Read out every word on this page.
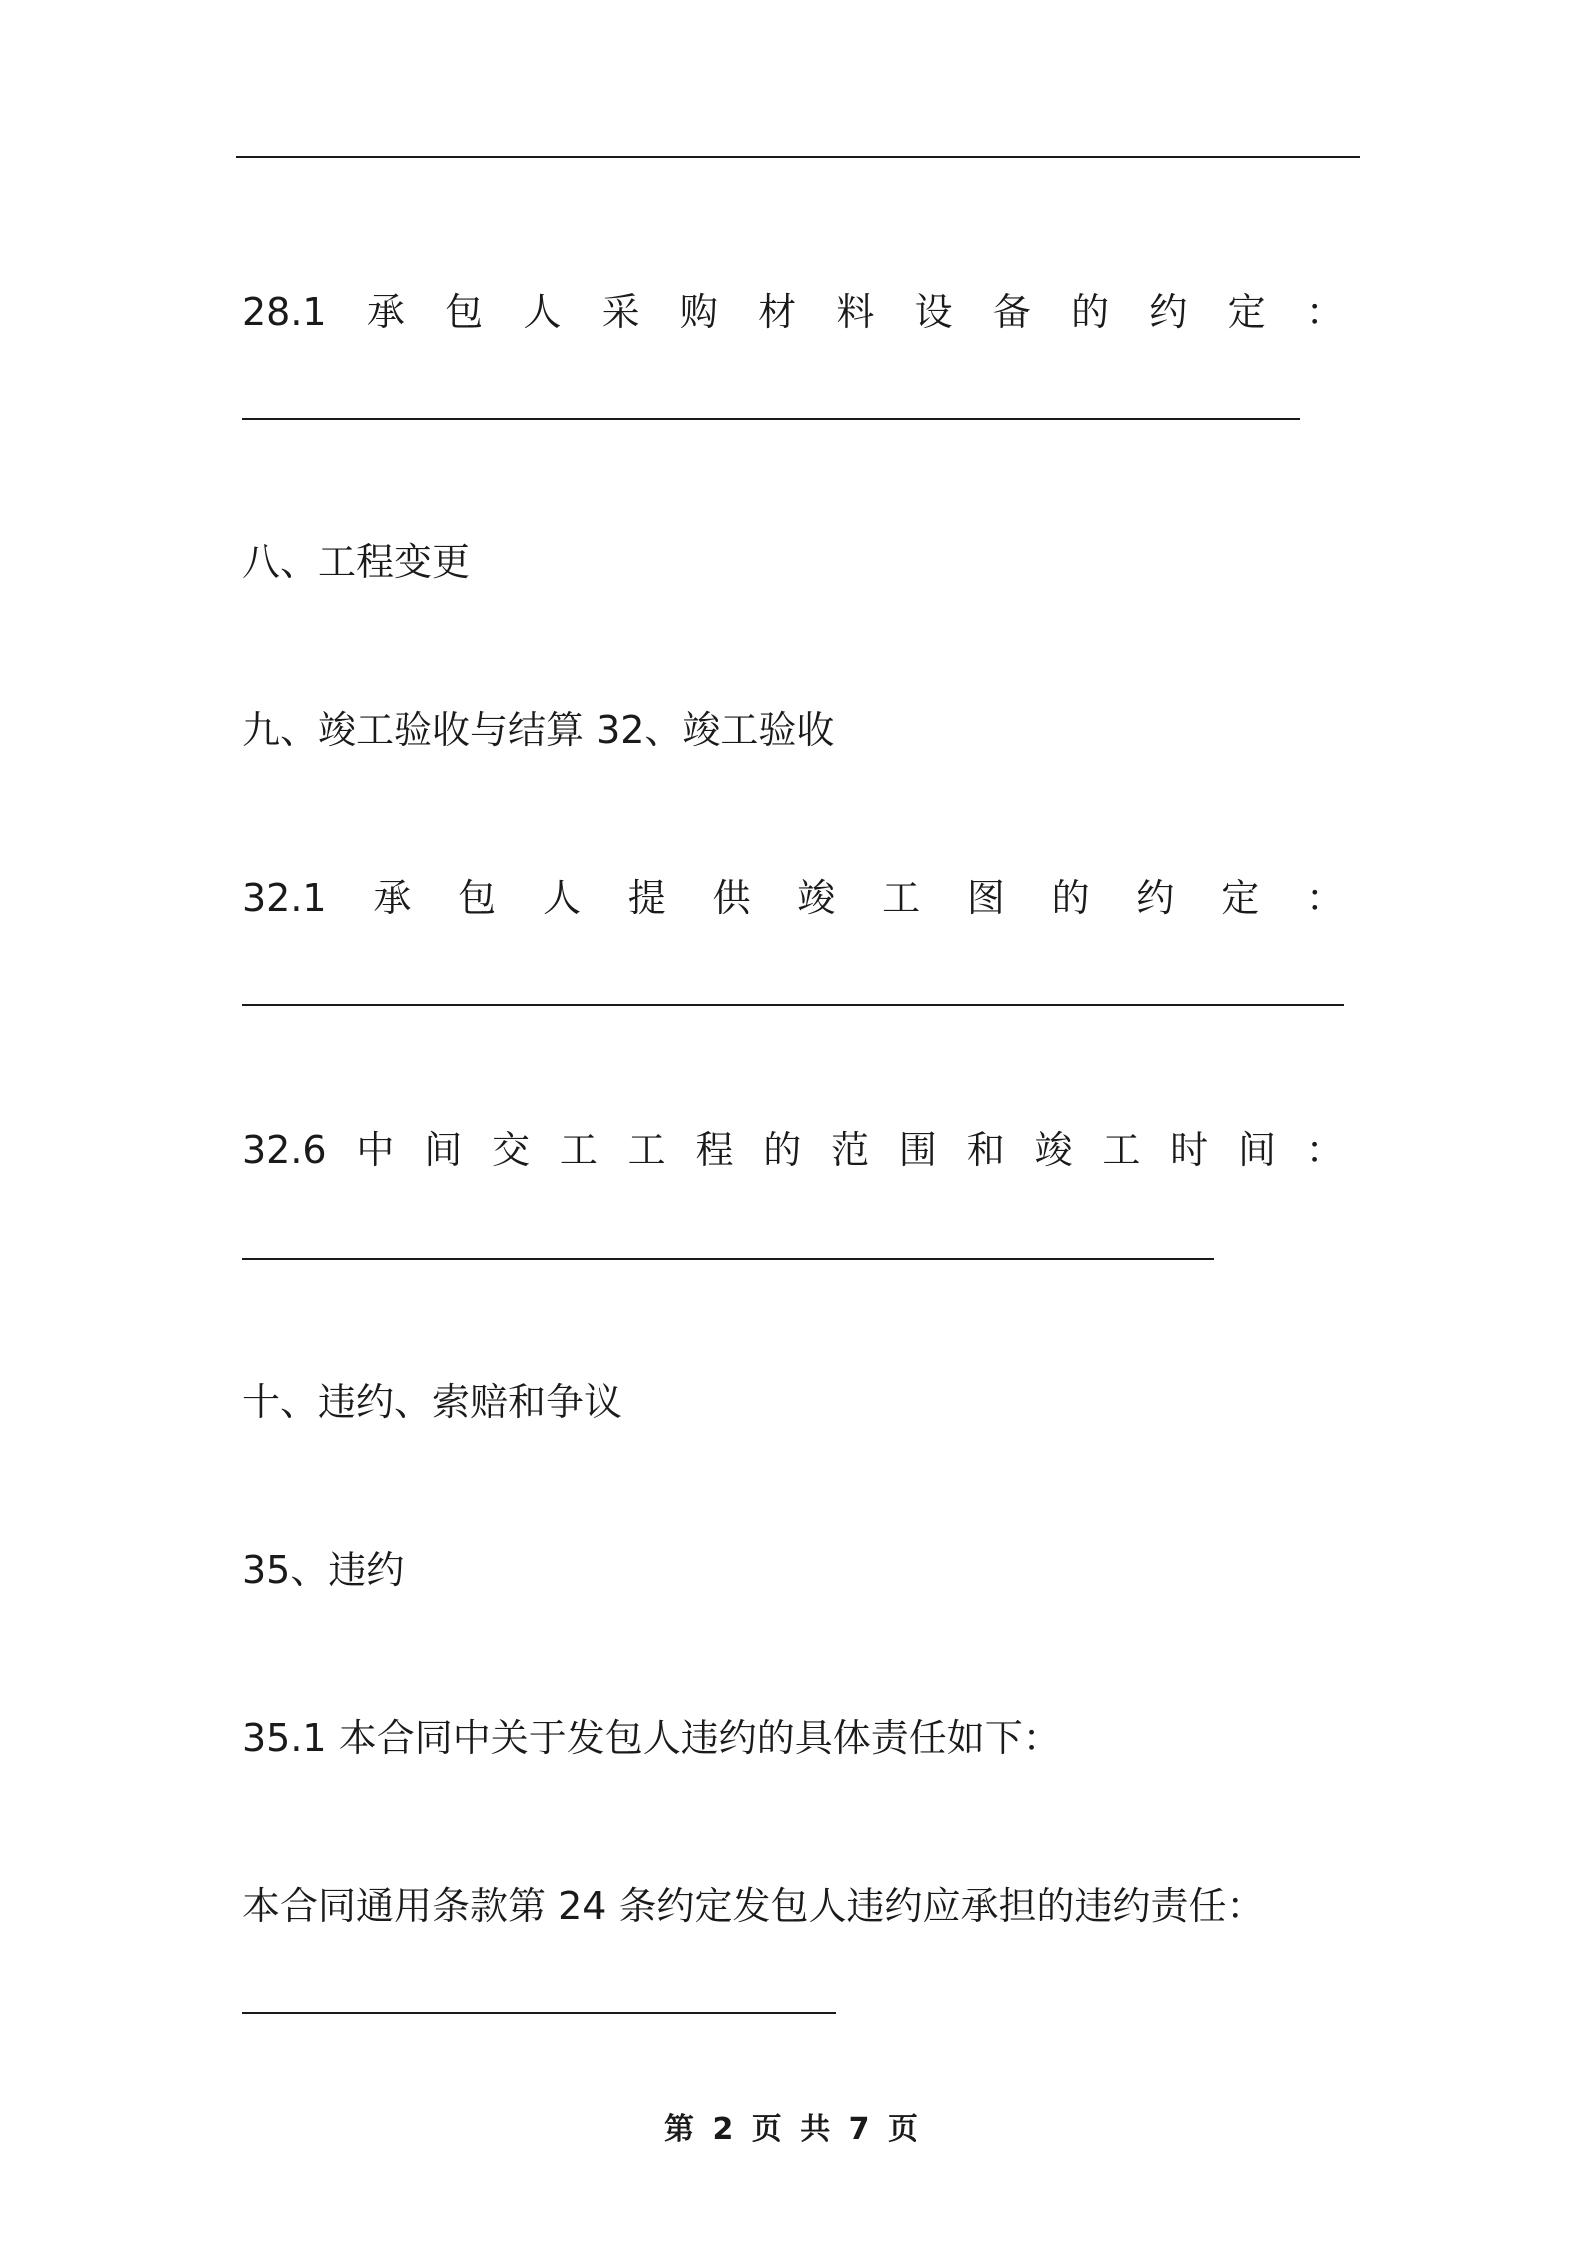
28.1 承 包 人 采 购 材 料 设 备 的 约 定 ：
八、工程变更
九、竣工验收与结算 32、竣工验收
32.1 承 包 人 提 供 竣 工 图 的 约 定 ：
32.6 中 间 交 工 工 程 的 范 围 和 竣 工 时 间 ：
十、违约、索赔和争议
35、违约
35.1 本合同中关于发包人违约的具体责任如下：
本合同通用条款第 24 条约定发包人违约应承担的违约责任：
第 2 页 共 7 页
